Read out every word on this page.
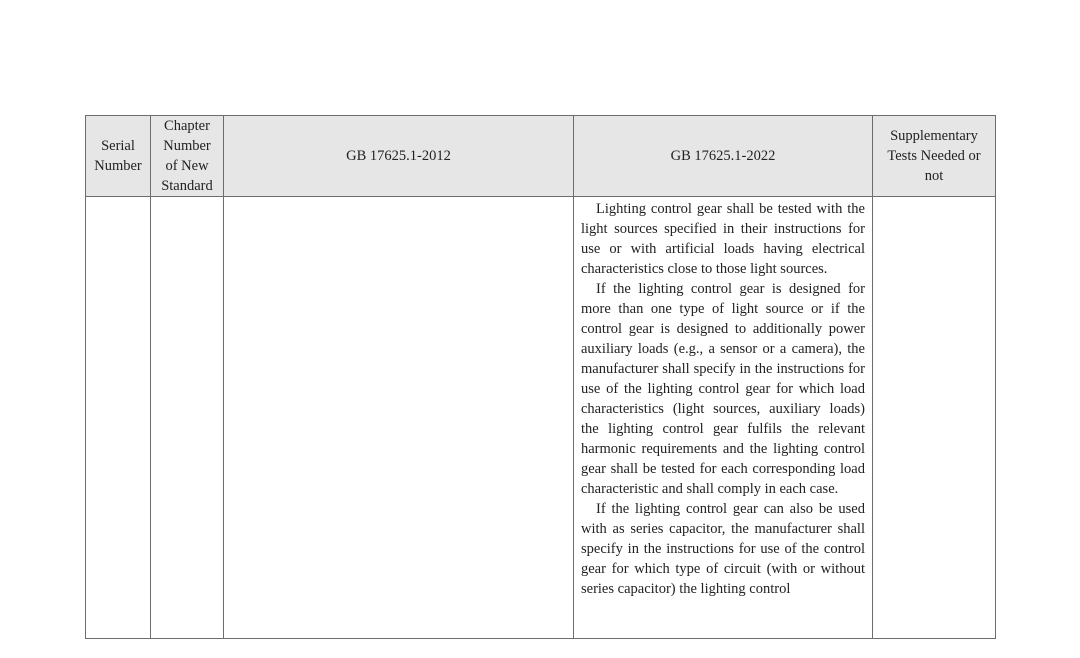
Serial
Number	Chapter
Number
of New
Standard	GB 17625.1-2012	GB 17625.1-2022	Supplementary
Tests Needed or
not

			Lighting control gear shall be tested with the light sources specified in their instructions for use or with artificial loads having electrical characteristics close to those light sources.

If the lighting control gear is designed for more than one type of light source or if the control gear is designed to additionally power auxiliary loads (e.g., a sensor or a camera), the manufacturer shall specify in the instructions for use of the lighting control gear for which load characteristics (light sources, auxiliary loads) the lighting control gear fulfils the relevant harmonic requirements and the lighting control gear shall be tested for each corresponding load characteristic and shall comply in each case.

If the lighting control gear can also be used with as series capacitor, the manufacturer shall specify in the instructions for use of the control gear for which type of circuit (with or without series capacitor) the lighting control	
